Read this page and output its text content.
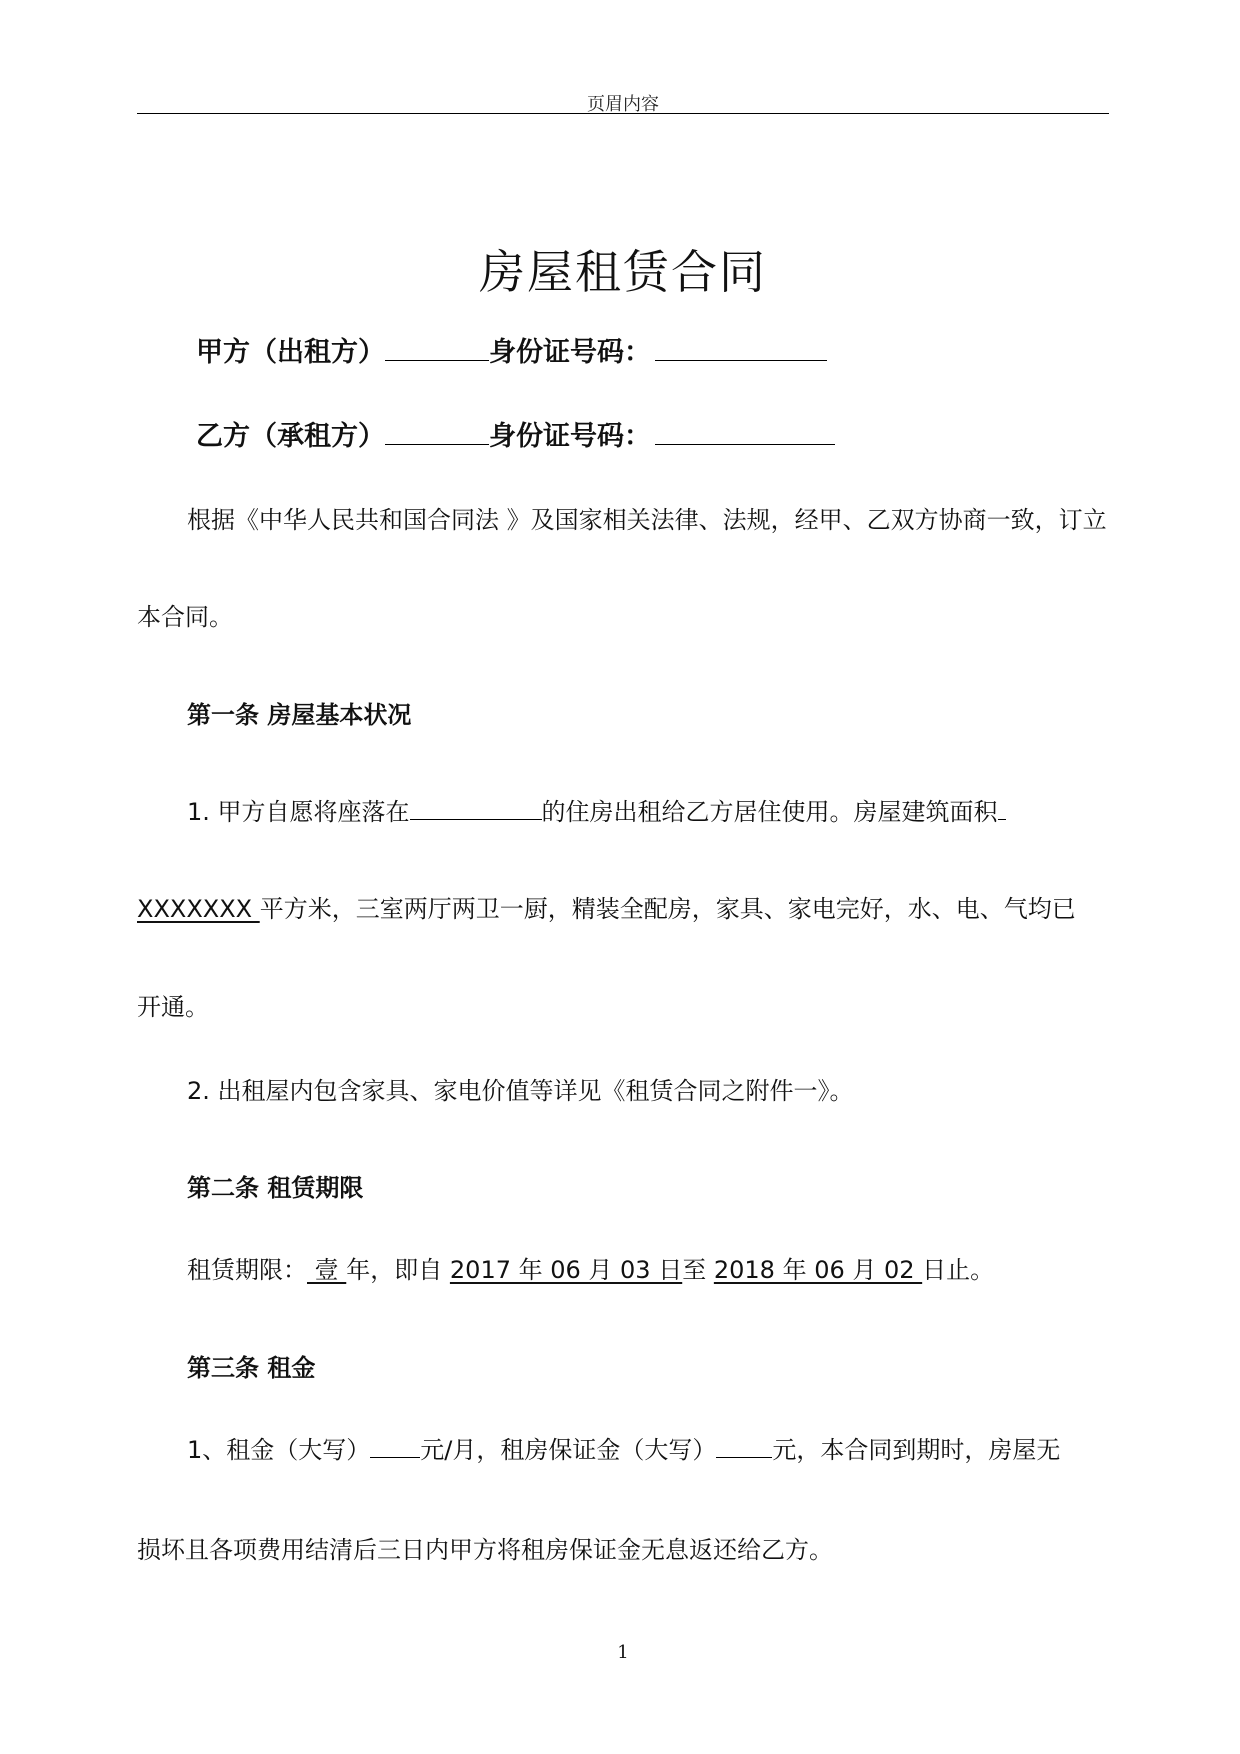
页眉内容
房屋租赁合同
甲方（出租方）	身份证号码：
乙方（承租方）	身份证号码：
根据《中华人民共和国合同法 》及国家相关法律、法规，经甲、乙双方协商一致，订立
本合同。
第一条 房屋基本状况
1. 甲方自愿将座落在	的住房出租给乙方居住使用。房屋建筑面积
XXXXXXX 平方米，三室两厅两卫一厨，精装全配房，家具、家电完好，水、电、气均已
开通。
2. 出租屋内包含家具、家电价值等详见《租赁合同之附件一》。
第二条 租赁期限
租赁期限： 壹 年，即自 2017 年 06 月 03 日至 2018 年 06 月 02 日止。
第三条 租金
1、租金（大写） 元/月，租房保证金（大写） 元，本合同到期时，房屋无
损坏且各项费用结清后三日内甲方将租房保证金无息返还给乙方。
1
